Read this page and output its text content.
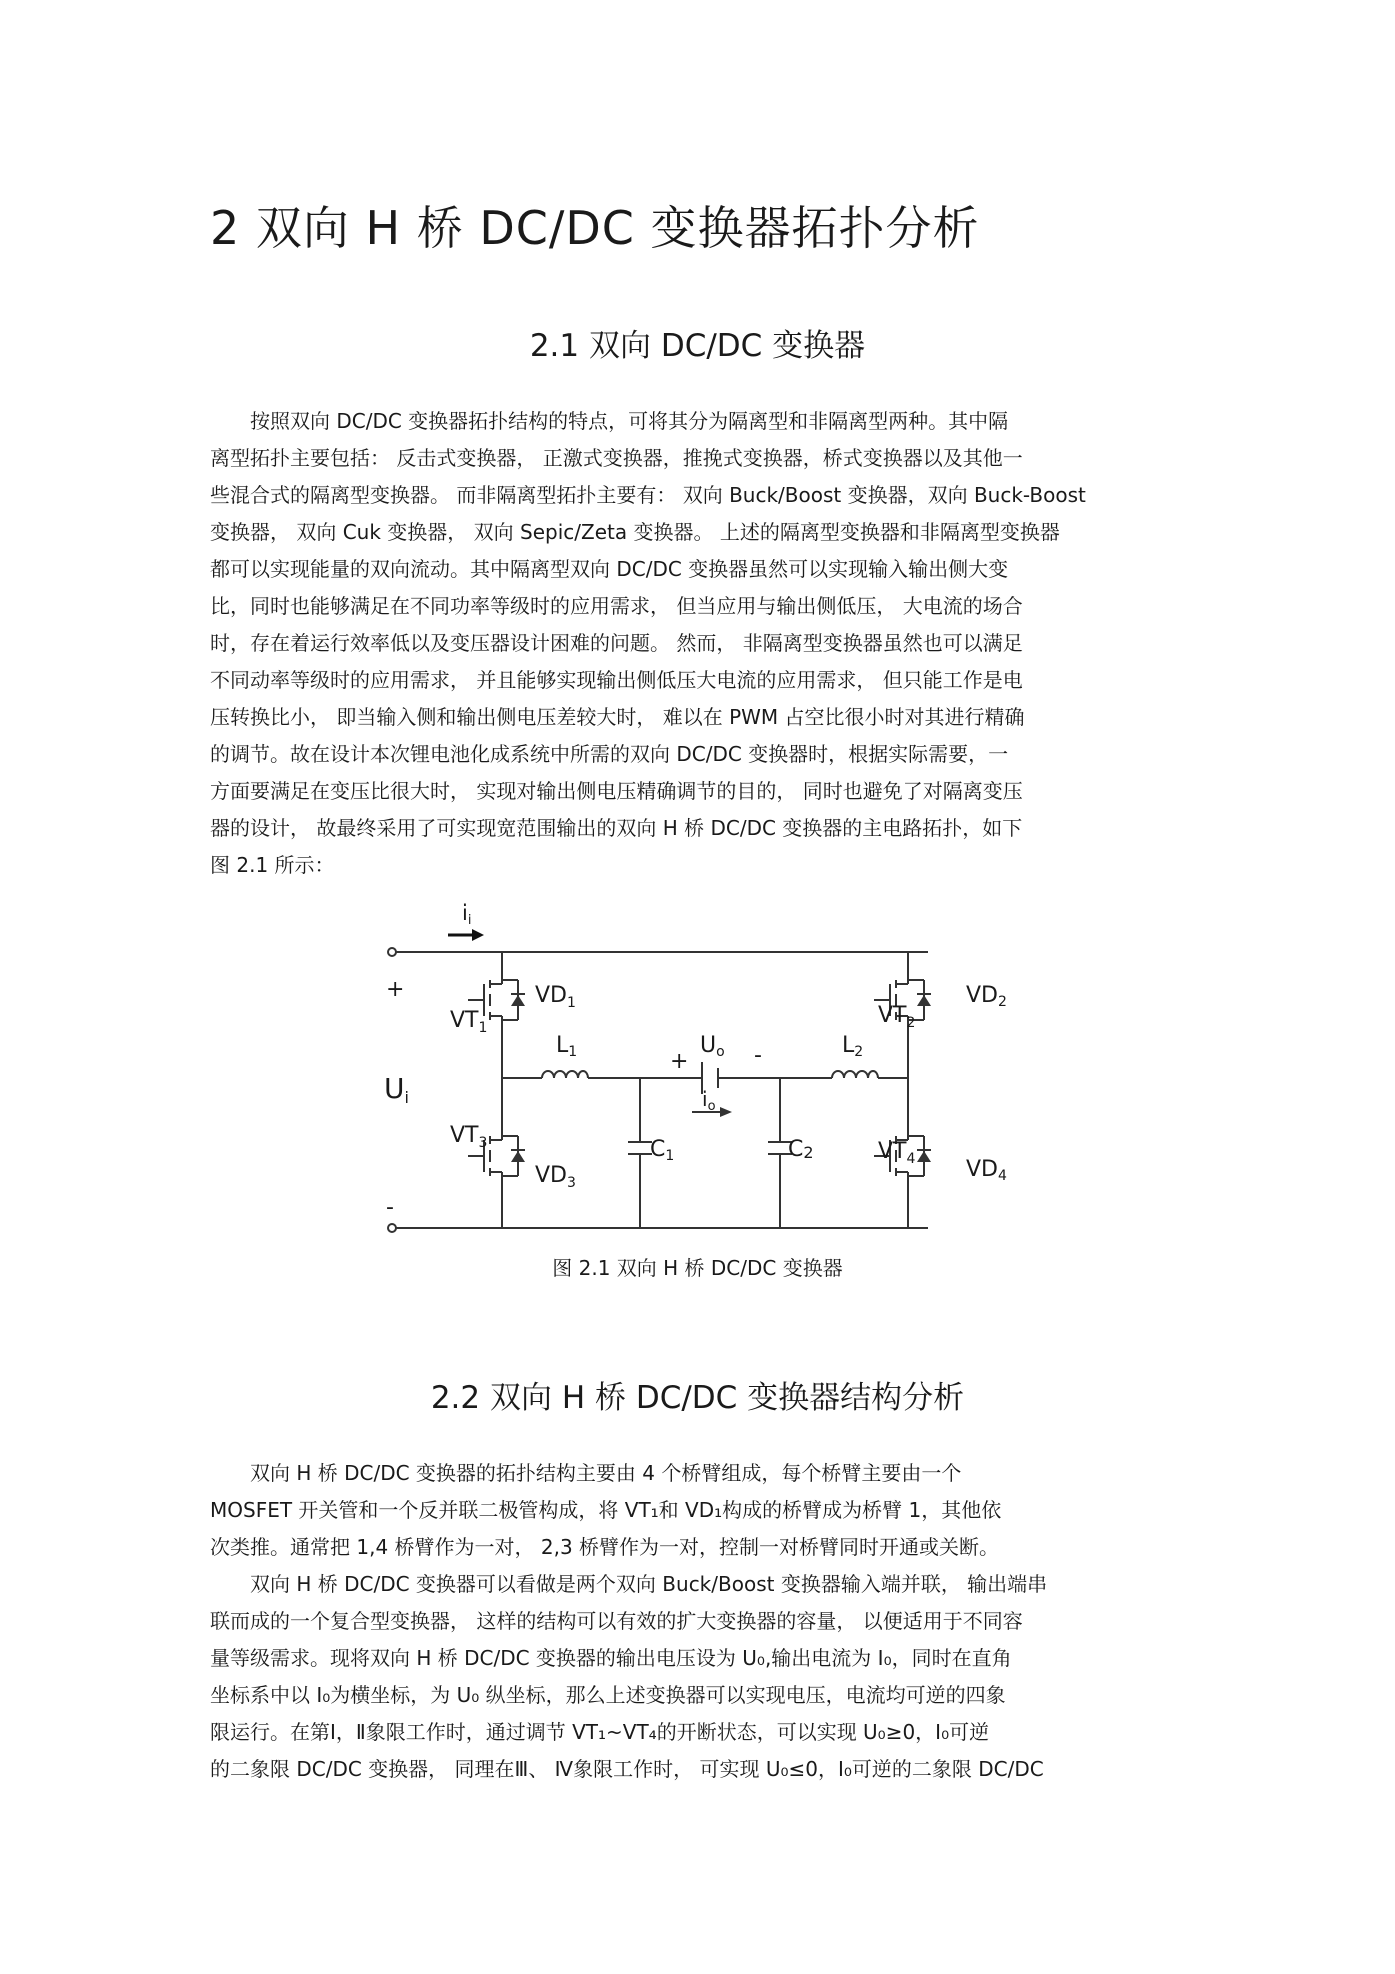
2 双向 H 桥 DC/DC 变换器拓扑分析
2.1 双向 DC/DC 变换器
　　按照双向 DC/DC 变换器拓扑结构的特点，可将其分为隔离型和非隔离型两种。其中隔
离型拓扑主要包括： 反击式变换器， 正激式变换器，推挽式变换器，桥式变换器以及其他一
些混合式的隔离型变换器。 而非隔离型拓扑主要有： 双向 Buck/Boost 变换器，双向 Buck-Boost
变换器， 双向 Cuk 变换器， 双向 Sepic/Zeta 变换器。 上述的隔离型变换器和非隔离型变换器
都可以实现能量的双向流动。其中隔离型双向 DC/DC 变换器虽然可以实现输入输出侧大变
比，同时也能够满足在不同功率等级时的应用需求， 但当应用与输出侧低压， 大电流的场合
时，存在着运行效率低以及变压器设计困难的问题。 然而， 非隔离型变换器虽然也可以满足
不同动率等级时的应用需求， 并且能够实现输出侧低压大电流的应用需求， 但只能工作是电
压转换比小， 即当输入侧和输出侧电压差较大时， 难以在 PWM 占空比很小时对其进行精确
的调节。故在设计本次锂电池化成系统中所需的双向 DC/DC 变换器时，根据实际需要，一
方面要满足在变压比很大时， 实现对输出侧电压精确调节的目的， 同时也避免了对隔离变压
器的设计， 故最终采用了可实现宽范围输出的双向 H 桥 DC/DC 变换器的主电路拓扑，如下
图 2.1 所示：
ii
+
Ui
-
$VT_1$
$VD_1$
$VT_3$
$VD_3$
$VT_2$
VD2
$VT_4$ VD4
L1	L2
Uo
+	-
$i_o$
C1	C2
图 2.1 双向 H 桥 DC/DC 变换器
2.2 双向 H 桥 DC/DC 变换器结构分析
　　双向 H 桥 DC/DC 变换器的拓扑结构主要由 4 个桥臂组成，每个桥臂主要由一个
MOSFET 开关管和一个反并联二极管构成，将 VT₁和 VD₁构成的桥臂成为桥臂 1，其他依
次类推。通常把 1,4 桥臂作为一对， 2,3 桥臂作为一对，控制一对桥臂同时开通或关断。
　　双向 H 桥 DC/DC 变换器可以看做是两个双向 Buck/Boost 变换器输入端并联， 输出端串
联而成的一个复合型变换器， 这样的结构可以有效的扩大变换器的容量， 以便适用于不同容
量等级需求。现将双向 H 桥 DC/DC 变换器的输出电压设为 U₀,输出电流为 I₀，同时在直角
坐标系中以 I₀为横坐标，为 U₀ 纵坐标，那么上述变换器可以实现电压，电流均可逆的四象
限运行。在第Ⅰ，Ⅱ象限工作时，通过调节 VT₁~VT₄的开断状态，可以实现 U₀≥0，I₀可逆
的二象限 DC/DC 变换器， 同理在Ⅲ、 Ⅳ象限工作时， 可实现 U₀≤0，I₀可逆的二象限 DC/DC
